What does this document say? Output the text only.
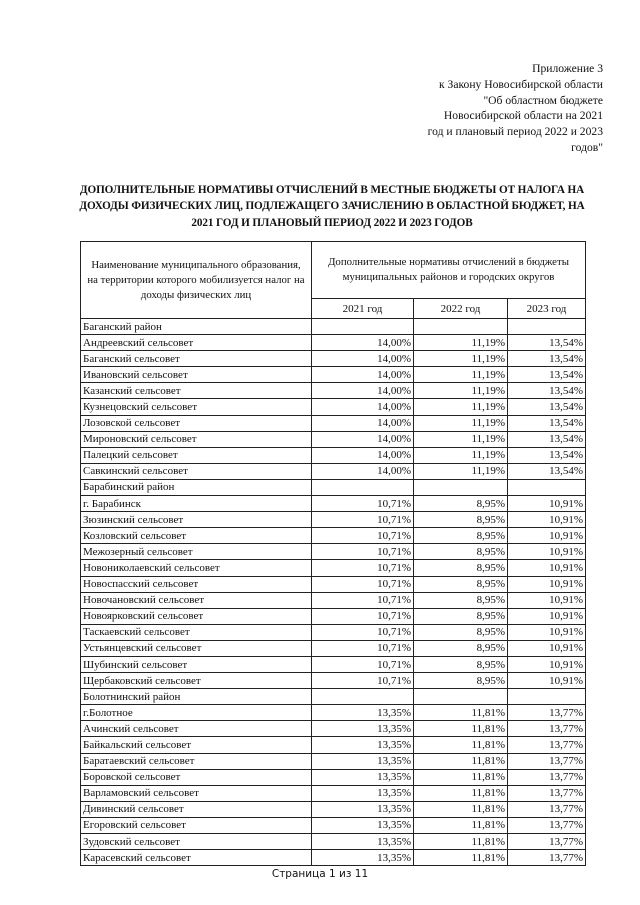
Приложение 3
к Закону Новосибирской области
"Об областном бюджете
Новосибирской области на 2021
год и плановый период 2022 и 2023
годов"
ДОПОЛНИТЕЛЬНЫЕ НОРМАТИВЫ ОТЧИСЛЕНИЙ В МЕСТНЫЕ БЮДЖЕТЫ ОТ НАЛОГА НА ДОХОДЫ ФИЗИЧЕСКИХ ЛИЦ, ПОДЛЕЖАЩЕГО ЗАЧИСЛЕНИЮ В ОБЛАСТНОЙ БЮДЖЕТ, НА 2021 ГОД И ПЛАНОВЫЙ ПЕРИОД 2022 И 2023 ГОДОВ
Наименование муниципального образования, на территории которого мобилизуется налог на доходы физических лиц	Дополнительные нормативы отчислений в бюджеты муниципальных районов и городских округов		
	2021 год	2022 год	2023 год
Баганский район			
Андреевский сельсовет	14,00%	11,19%	13,54%
Баганский сельсовет	14,00%	11,19%	13,54%
Ивановский сельсовет	14,00%	11,19%	13,54%
Казанский сельсовет	14,00%	11,19%	13,54%
Кузнецовский сельсовет	14,00%	11,19%	13,54%
Лозовской сельсовет	14,00%	11,19%	13,54%
Мироновский сельсовет	14,00%	11,19%	13,54%
Палецкий сельсовет	14,00%	11,19%	13,54%
Савкинский сельсовет	14,00%	11,19%	13,54%
Барабинский район			
г. Барабинск	10,71%	8,95%	10,91%
Зюзинский сельсовет	10,71%	8,95%	10,91%
Козловский сельсовет	10,71%	8,95%	10,91%
Межозерный сельсовет	10,71%	8,95%	10,91%
Новониколаевский сельсовет	10,71%	8,95%	10,91%
Новоспасский сельсовет	10,71%	8,95%	10,91%
Новочановский сельсовет	10,71%	8,95%	10,91%
Новоярковский сельсовет	10,71%	8,95%	10,91%
Таскаевский сельсовет	10,71%	8,95%	10,91%
Устьянцевский сельсовет	10,71%	8,95%	10,91%
Шубинский сельсовет	10,71%	8,95%	10,91%
Щербаковский сельсовет	10,71%	8,95%	10,91%
Болотнинский район			
г.Болотное	13,35%	11,81%	13,77%
Ачинский сельсовет	13,35%	11,81%	13,77%
Байкальский сельсовет	13,35%	11,81%	13,77%
Баратаевский сельсовет	13,35%	11,81%	13,77%
Боровской сельсовет	13,35%	11,81%	13,77%
Варламовский сельсовет	13,35%	11,81%	13,77%
Дивинский сельсовет	13,35%	11,81%	13,77%
Егоровский сельсовет	13,35%	11,81%	13,77%
Зудовский сельсовет	13,35%	11,81%	13,77%
Карасевский сельсовет	13,35%	11,81%	13,77%
Страница 1 из 11
